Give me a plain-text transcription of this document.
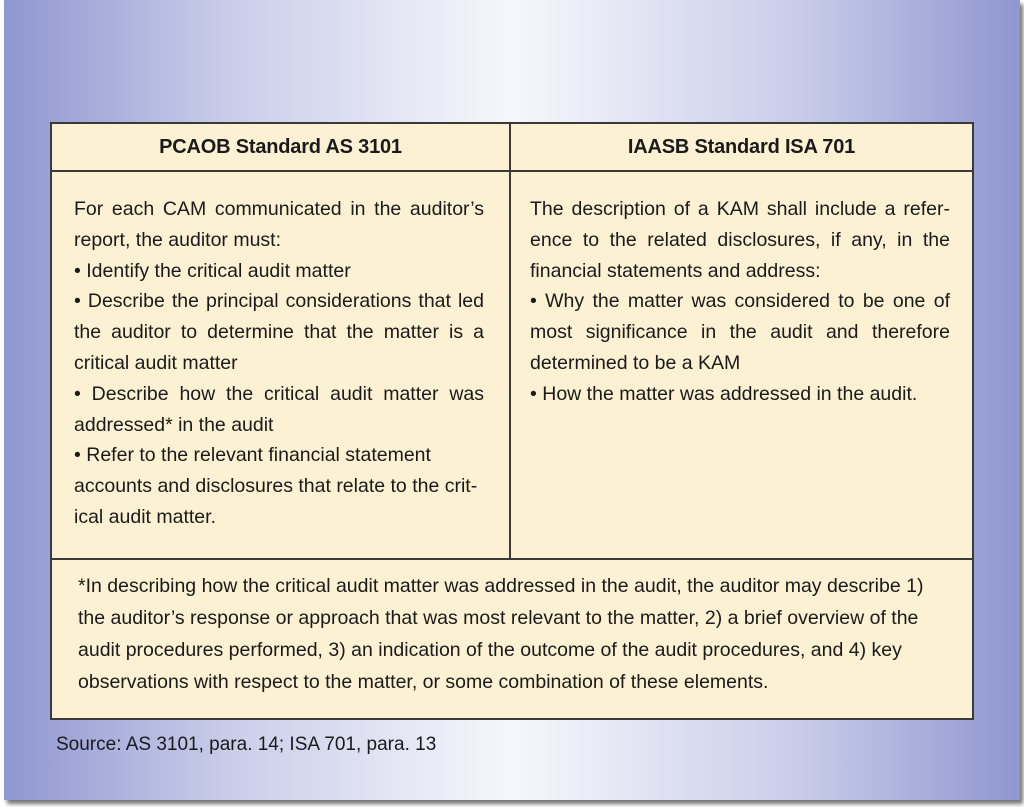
PCAOB Standard AS 3101	IAASB Standard ISA 701

For each CAM communicated in the auditor’s report, the auditor must:

• Identify the critical audit matter

• Describe the principal considerations that led the auditor to determine that the matter is a critical audit matter

• Describe how the critical audit matter was addressed* in the audit

• Refer to the relevant financial statement accounts and disclosures that relate to the crit-ical audit matter.

The description of a KAM shall include a refer-ence to the related disclosures, if any, in the financial statements and address:

• Why the matter was considered to be one of most significance in the audit and therefore determined to be a KAM

• How the matter was addressed in the audit.

*In describing how the critical audit matter was addressed in the audit, the auditor may describe 1) the auditor’s response or approach that was most relevant to the matter, 2) a brief overview of the audit procedures performed, 3) an indication of the outcome of the audit procedures, and 4) key observations with respect to the matter, or some combination of these elements.
Source: AS 3101, para. 14; ISA 701, para. 13
